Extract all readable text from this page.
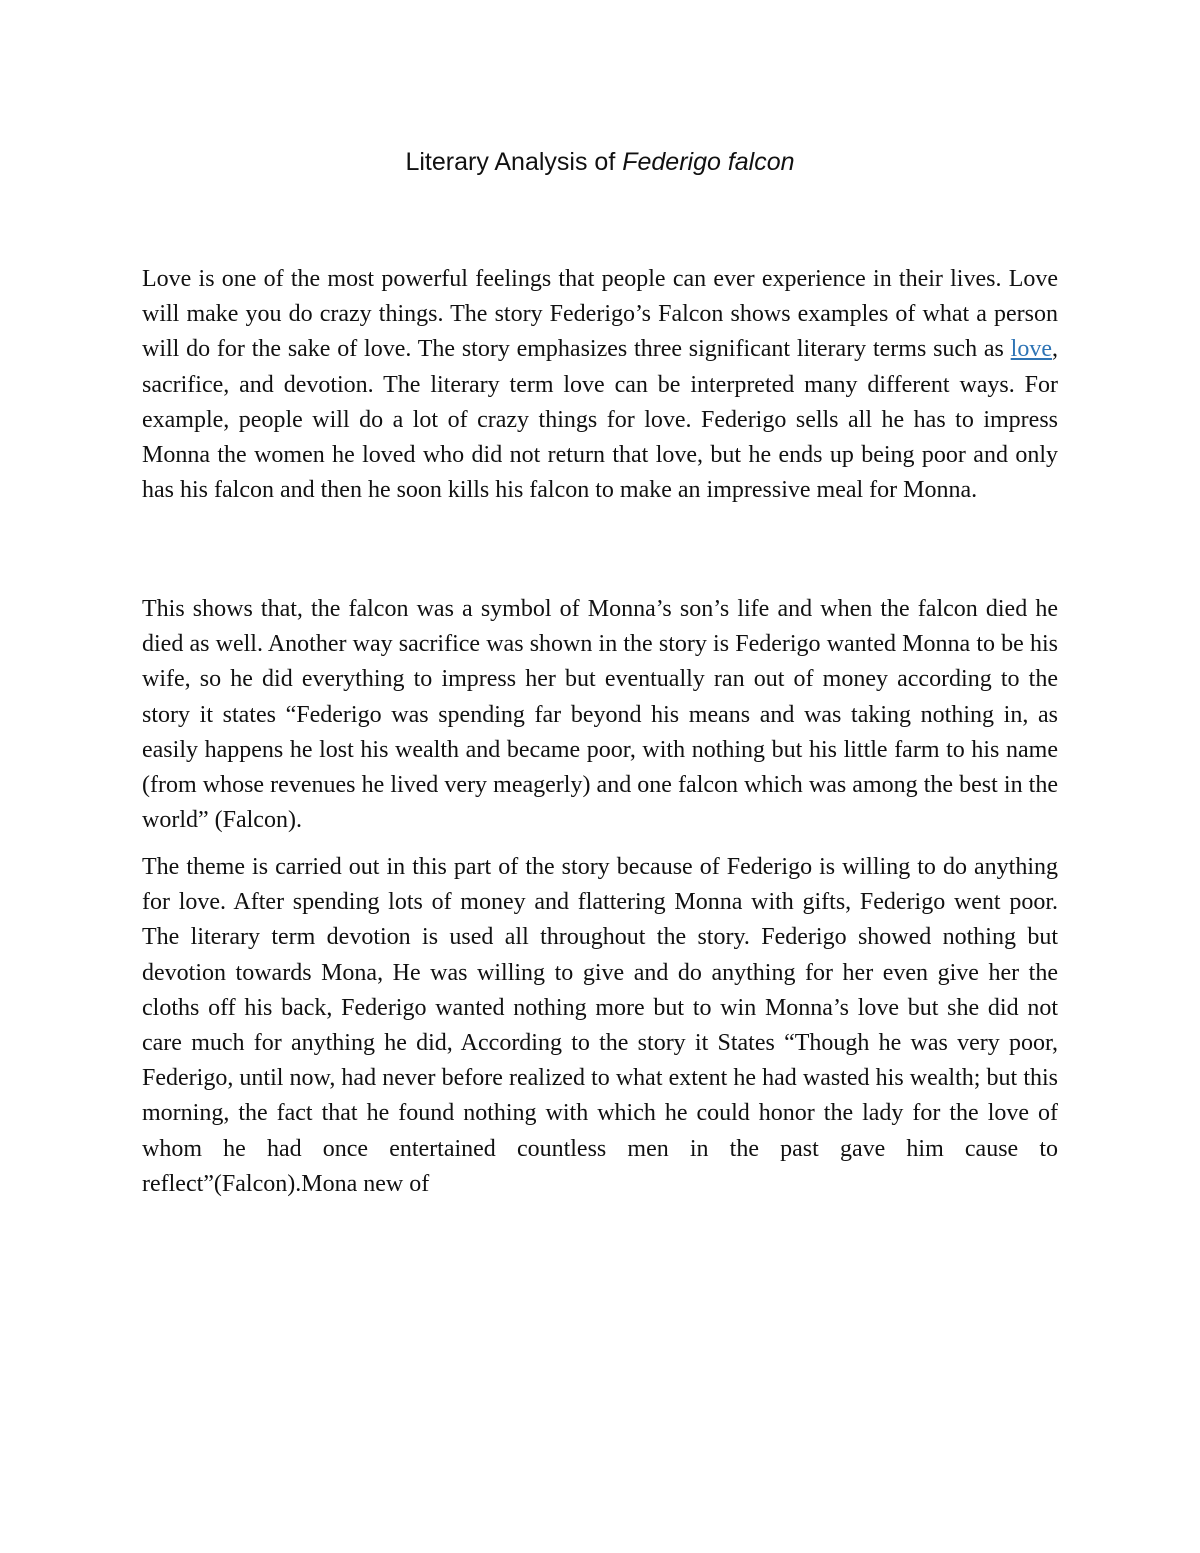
Literary Analysis of Federigo falcon

Love is one of the most powerful feelings that people can ever experience in their lives. Love will make you do crazy things. The story Federigo’s Falcon shows examples of what a person will do for the sake of love. The story emphasizes three significant literary terms such as love, sacrifice, and devotion. The literary term love can be interpreted many different ways. For example, people will do a lot of crazy things for love. Federigo sells all he has to impress Monna the women he loved who did not return that love, but he ends up being poor and only has his falcon and then he soon kills his falcon to make an impressive meal for Monna.

This shows that, the falcon was a symbol of Monna’s son’s life and when the falcon died he died as well. Another way sacrifice was shown in the story is Federigo wanted Monna to be his wife, so he did everything to impress her but eventually ran out of money according to the story it states “Federigo was spending far beyond his means and was taking nothing in, as easily happens he lost his wealth and became poor, with nothing but his little farm to his name (from whose revenues he lived very meagerly) and one falcon which was among the best in the world” (Falcon).

The theme is carried out in this part of the story because of Federigo is willing to do anything for love. After spending lots of money and flattering Monna with gifts, Federigo went poor. The literary term devotion is used all throughout the story. Federigo showed nothing but devotion towards Mona, He was willing to give and do anything for her even give her the cloths off his back, Federigo wanted nothing more but to win Monna’s love but she did not care much for anything he did, According to the story it States “Though he was very poor, Federigo, until now, had never before realized to what extent he had wasted his wealth; but this morning, the fact that he found nothing with which he could honor the lady for the love of whom he had once entertained countless men in the past gave him cause to reflect”(Falcon).Mona new of
